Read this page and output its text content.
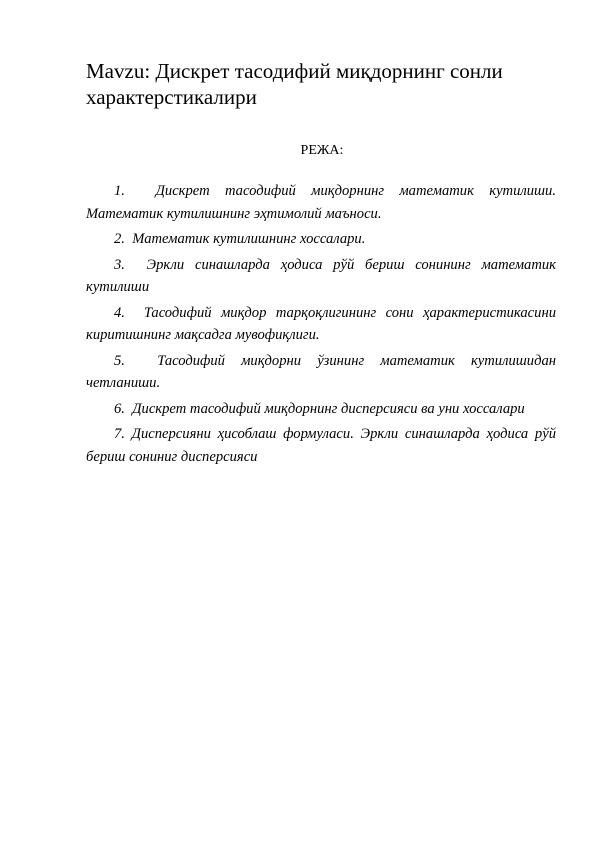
Mavzu: Дискрет тасодифий миқдорнинг сонли характерстикалири

РЕЖА:

1. Дискрет тасодифий миқдорнинг математик кутилиши. Математик кутилишнинг эҳтимолий маъноси.
2. Математик кутилишнинг хоссалари.
3. Эркли синашларда ҳодиса рўй бериш сонининг математик кутилиши
4. Тасодифий миқдор тарқоқлигининг сони ҳарактеристикасини киритишнинг мақсадга мувофиқлиги.
5. Тасодифий миқдорни ўзининг математик кутилишидан четланиши.
6. Дискрет тасодифий миқдорнинг дисперсияси ва уни хоссалари
7. Дисперсияни ҳисоблаш формуласи. Эркли синашларда ҳодиса рўй бериш сониниг дисперсияси
